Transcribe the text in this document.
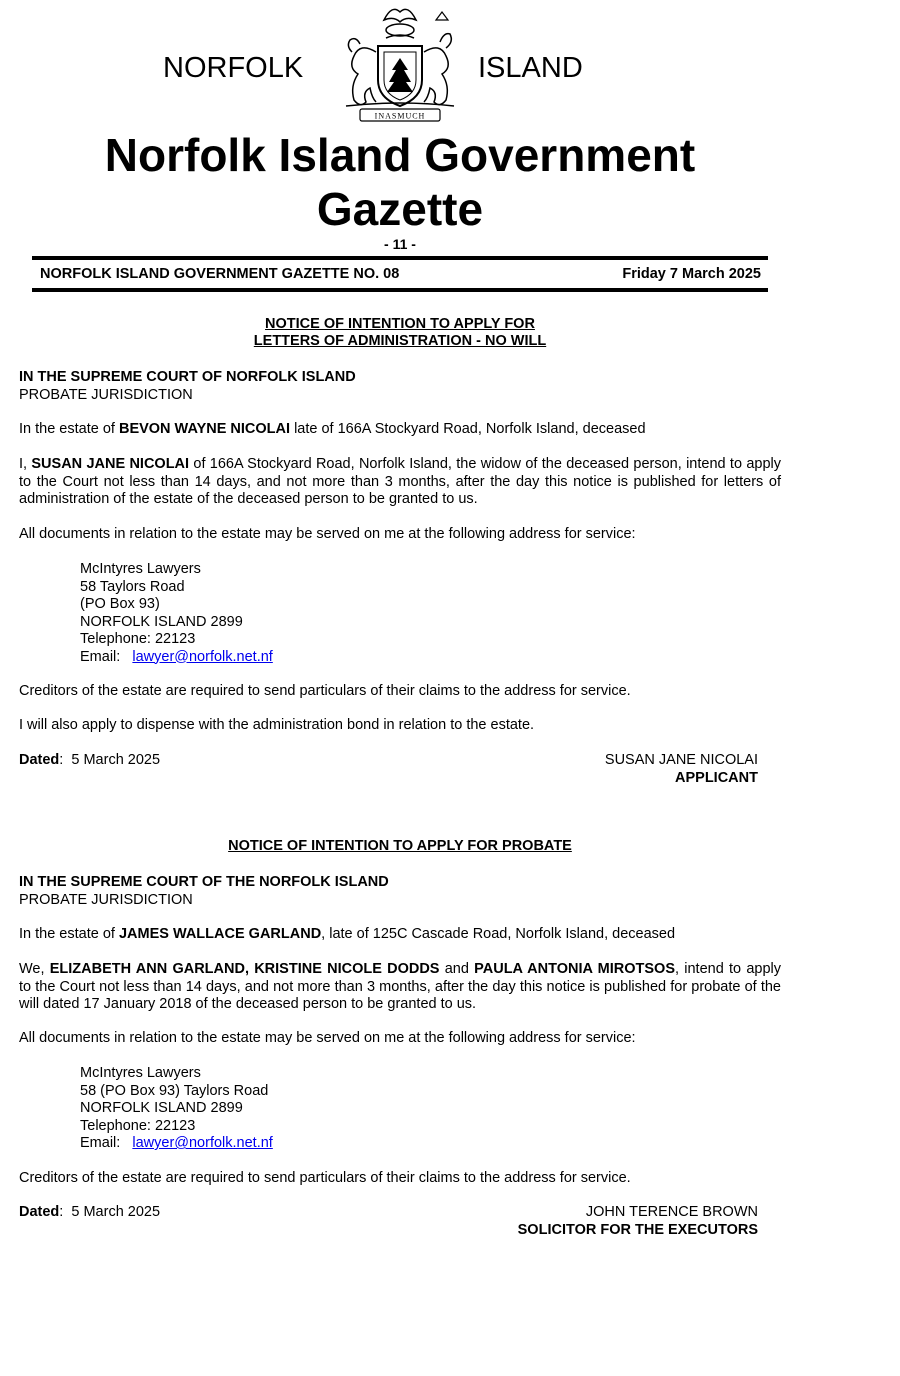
NORFOLK	ISLAND
INASMUCH
Norfolk Island Government
Gazette
- 11 -
NORFOLK ISLAND GOVERNMENT GAZETTE NO. 08	Friday 7 March 2025
NOTICE OF INTENTION TO APPLY FOR
LETTERS OF ADMINISTRATION - NO WILL
IN THE SUPREME COURT OF NORFOLK ISLAND
PROBATE JURISDICTION
In the estate of BEVON WAYNE NICOLAI late of 166A Stockyard Road, Norfolk Island, deceased
I, SUSAN JANE NICOLAI of 166A Stockyard Road, Norfolk Island, the widow of the deceased person, intend to apply to the Court not less than 14 days, and not more than 3 months, after the day this notice is published for letters of administration of the estate of the deceased person to be granted to us.
All documents in relation to the estate may be served on me at the following address for service:
McIntyres Lawyers
58 Taylors Road
(PO Box 93)
NORFOLK ISLAND 2899
Telephone: 22123
Email:   lawyer@norfolk.net.nf
Creditors of the estate are required to send particulars of their claims to the address for service.
I will also apply to dispense with the administration bond in relation to the estate.
Dated:  5 March 2025	SUSAN JANE NICOLAI
APPLICANT
NOTICE OF INTENTION TO APPLY FOR PROBATE
IN THE SUPREME COURT OF THE NORFOLK ISLAND
PROBATE JURISDICTION
In the estate of JAMES WALLACE GARLAND, late of 125C Cascade Road, Norfolk Island, deceased
We, ELIZABETH ANN GARLAND, KRISTINE NICOLE DODDS and PAULA ANTONIA MIROTSOS, intend to apply to the Court not less than 14 days, and not more than 3 months, after the day this notice is published for probate of the will dated 17 January 2018 of the deceased person to be granted to us.
All documents in relation to the estate may be served on me at the following address for service:
McIntyres Lawyers
58 (PO Box 93) Taylors Road
NORFOLK ISLAND 2899
Telephone: 22123
Email:   lawyer@norfolk.net.nf
Creditors of the estate are required to send particulars of their claims to the address for service.
Dated:  5 March 2025	JOHN TERENCE BROWN
SOLICITOR FOR THE EXECUTORS
